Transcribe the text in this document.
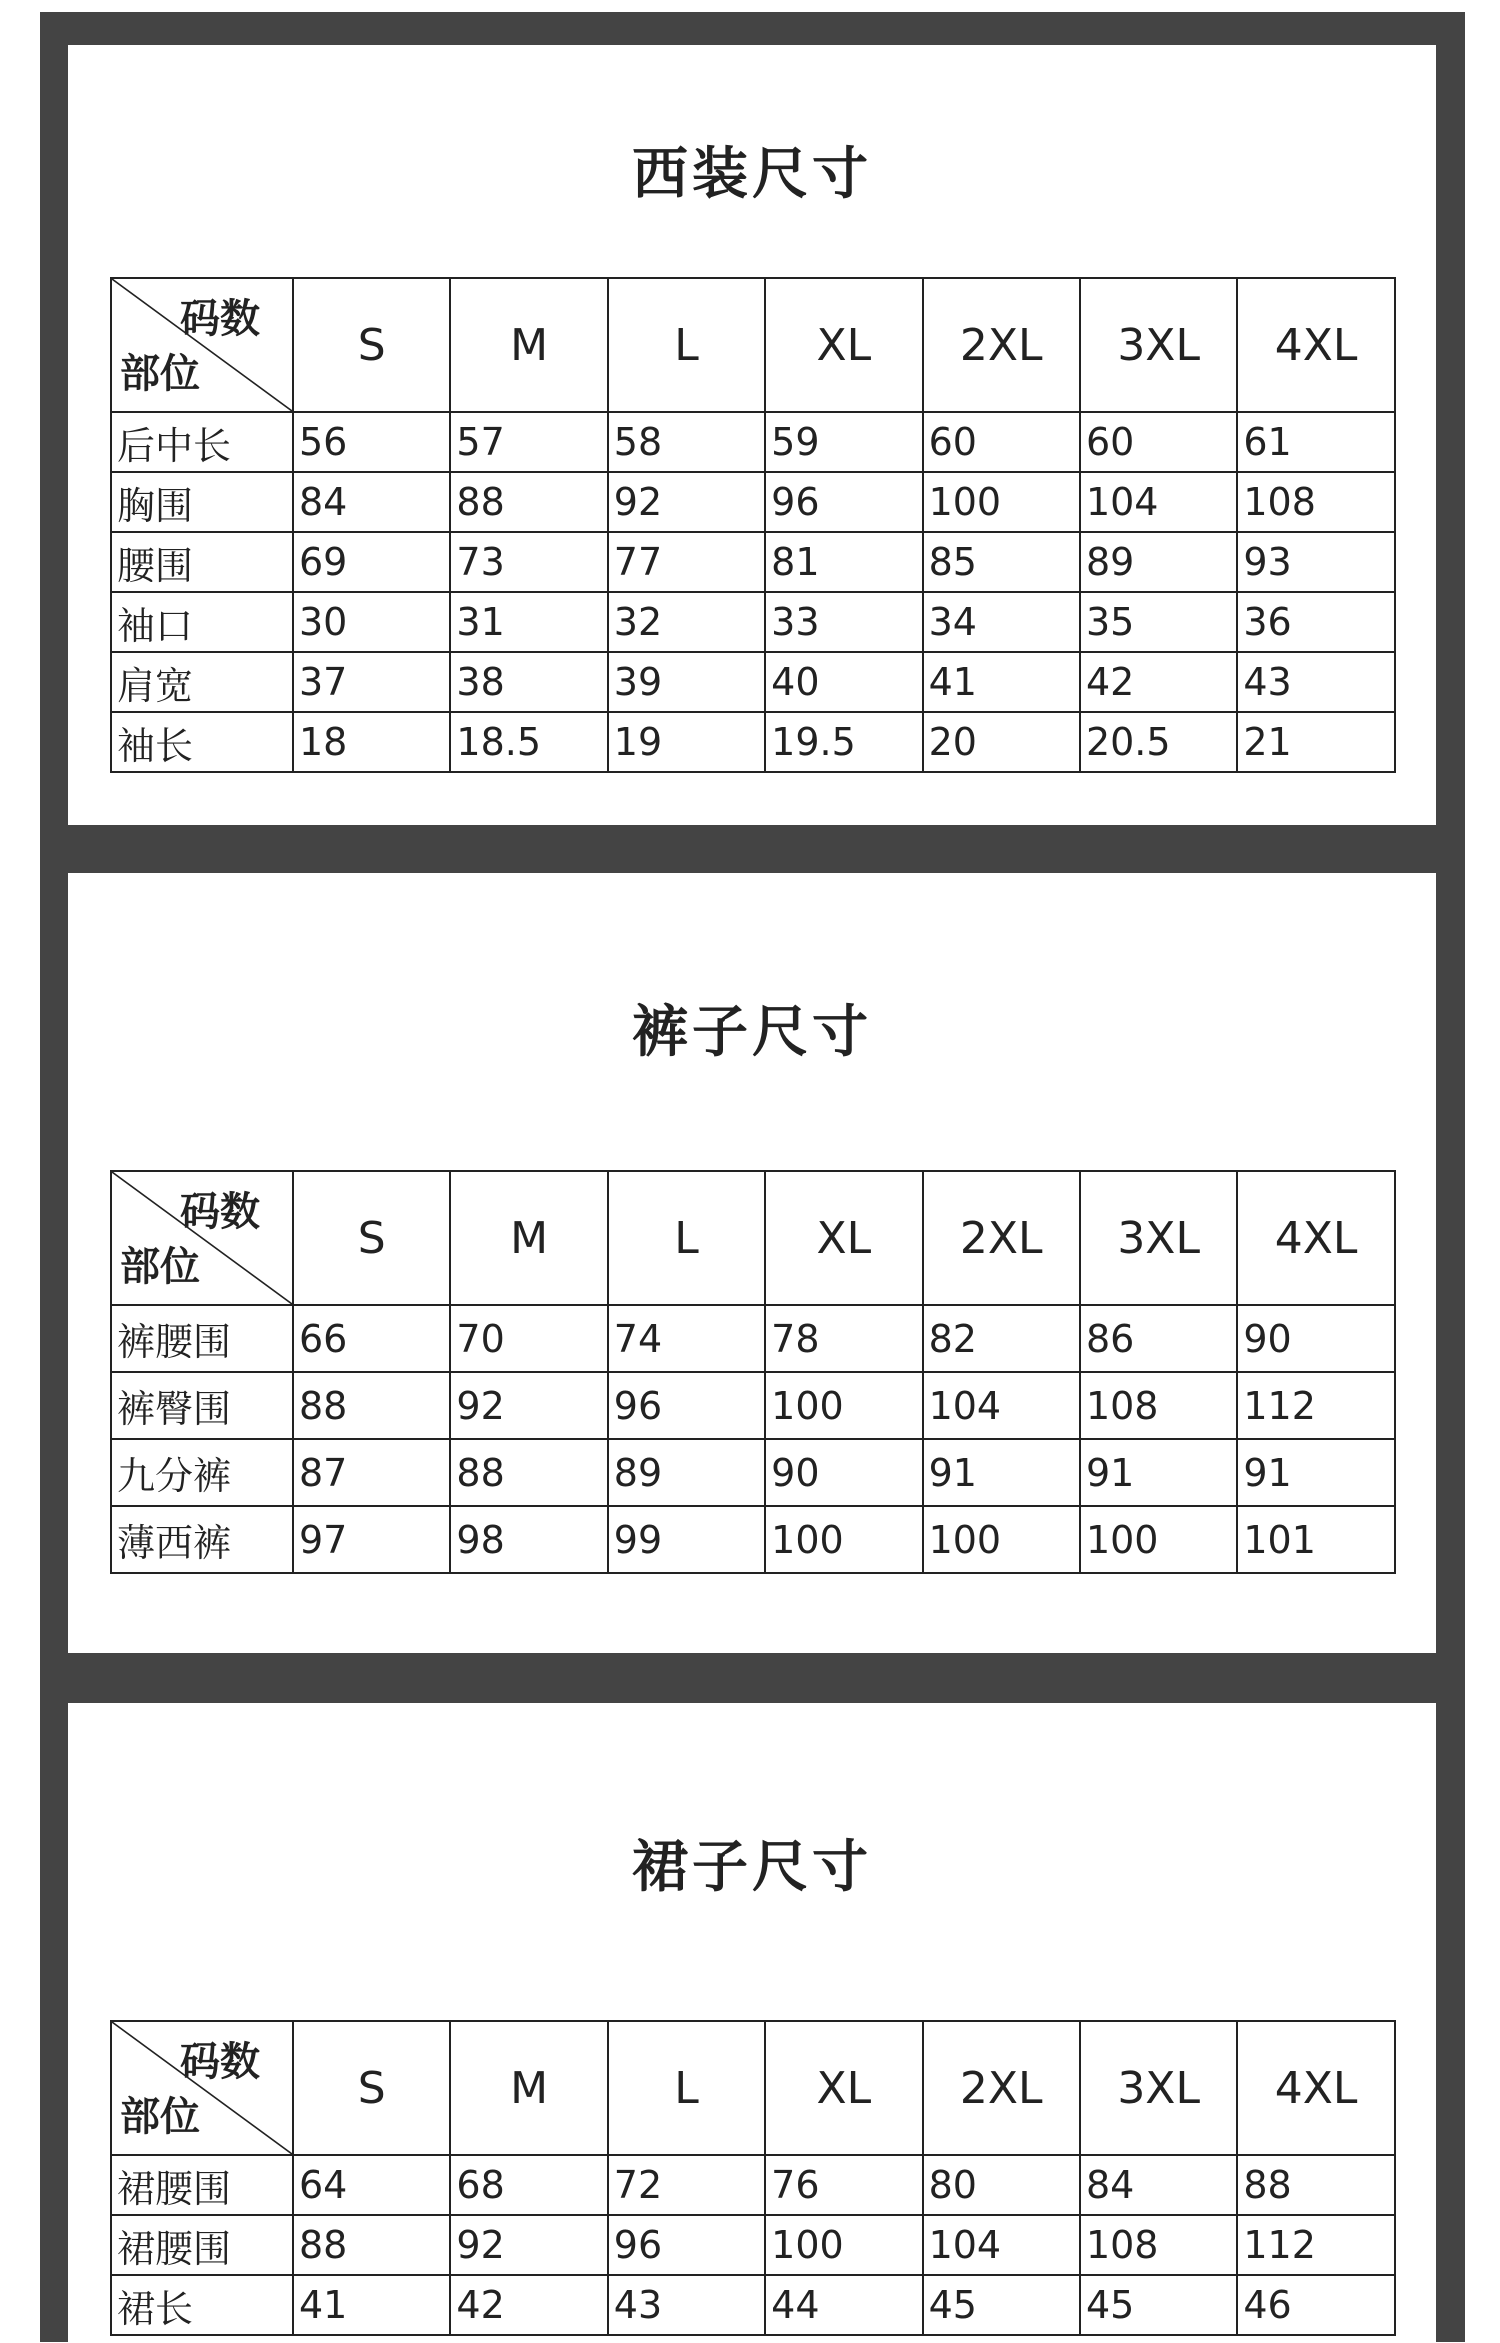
西装尺寸
码数
部位	S	M	L	XL	2XL	3XL	4XL
后中长	56	57	58	59	60	60	61
胸围	84	88	92	96	100	104	108
腰围	69	73	77	81	85	89	93
袖口	30	31	32	33	34	35	36
肩宽	37	38	39	40	41	42	43
袖长	18	18.5	19	19.5	20	20.5	21
裤子尺寸
码数
部位	S	M	L	XL	2XL	3XL	4XL
裤腰围	66	70	74	78	82	86	90
裤臀围	88	92	96	100	104	108	112
九分裤	87	88	89	90	91	91	91
薄西裤	97	98	99	100	100	100	101
裙子尺寸
码数
部位	S	M	L	XL	2XL	3XL	4XL
裙腰围	64	68	72	76	80	84	88
裙腰围	88	92	96	100	104	108	112
裙长	41	42	43	44	45	45	46
